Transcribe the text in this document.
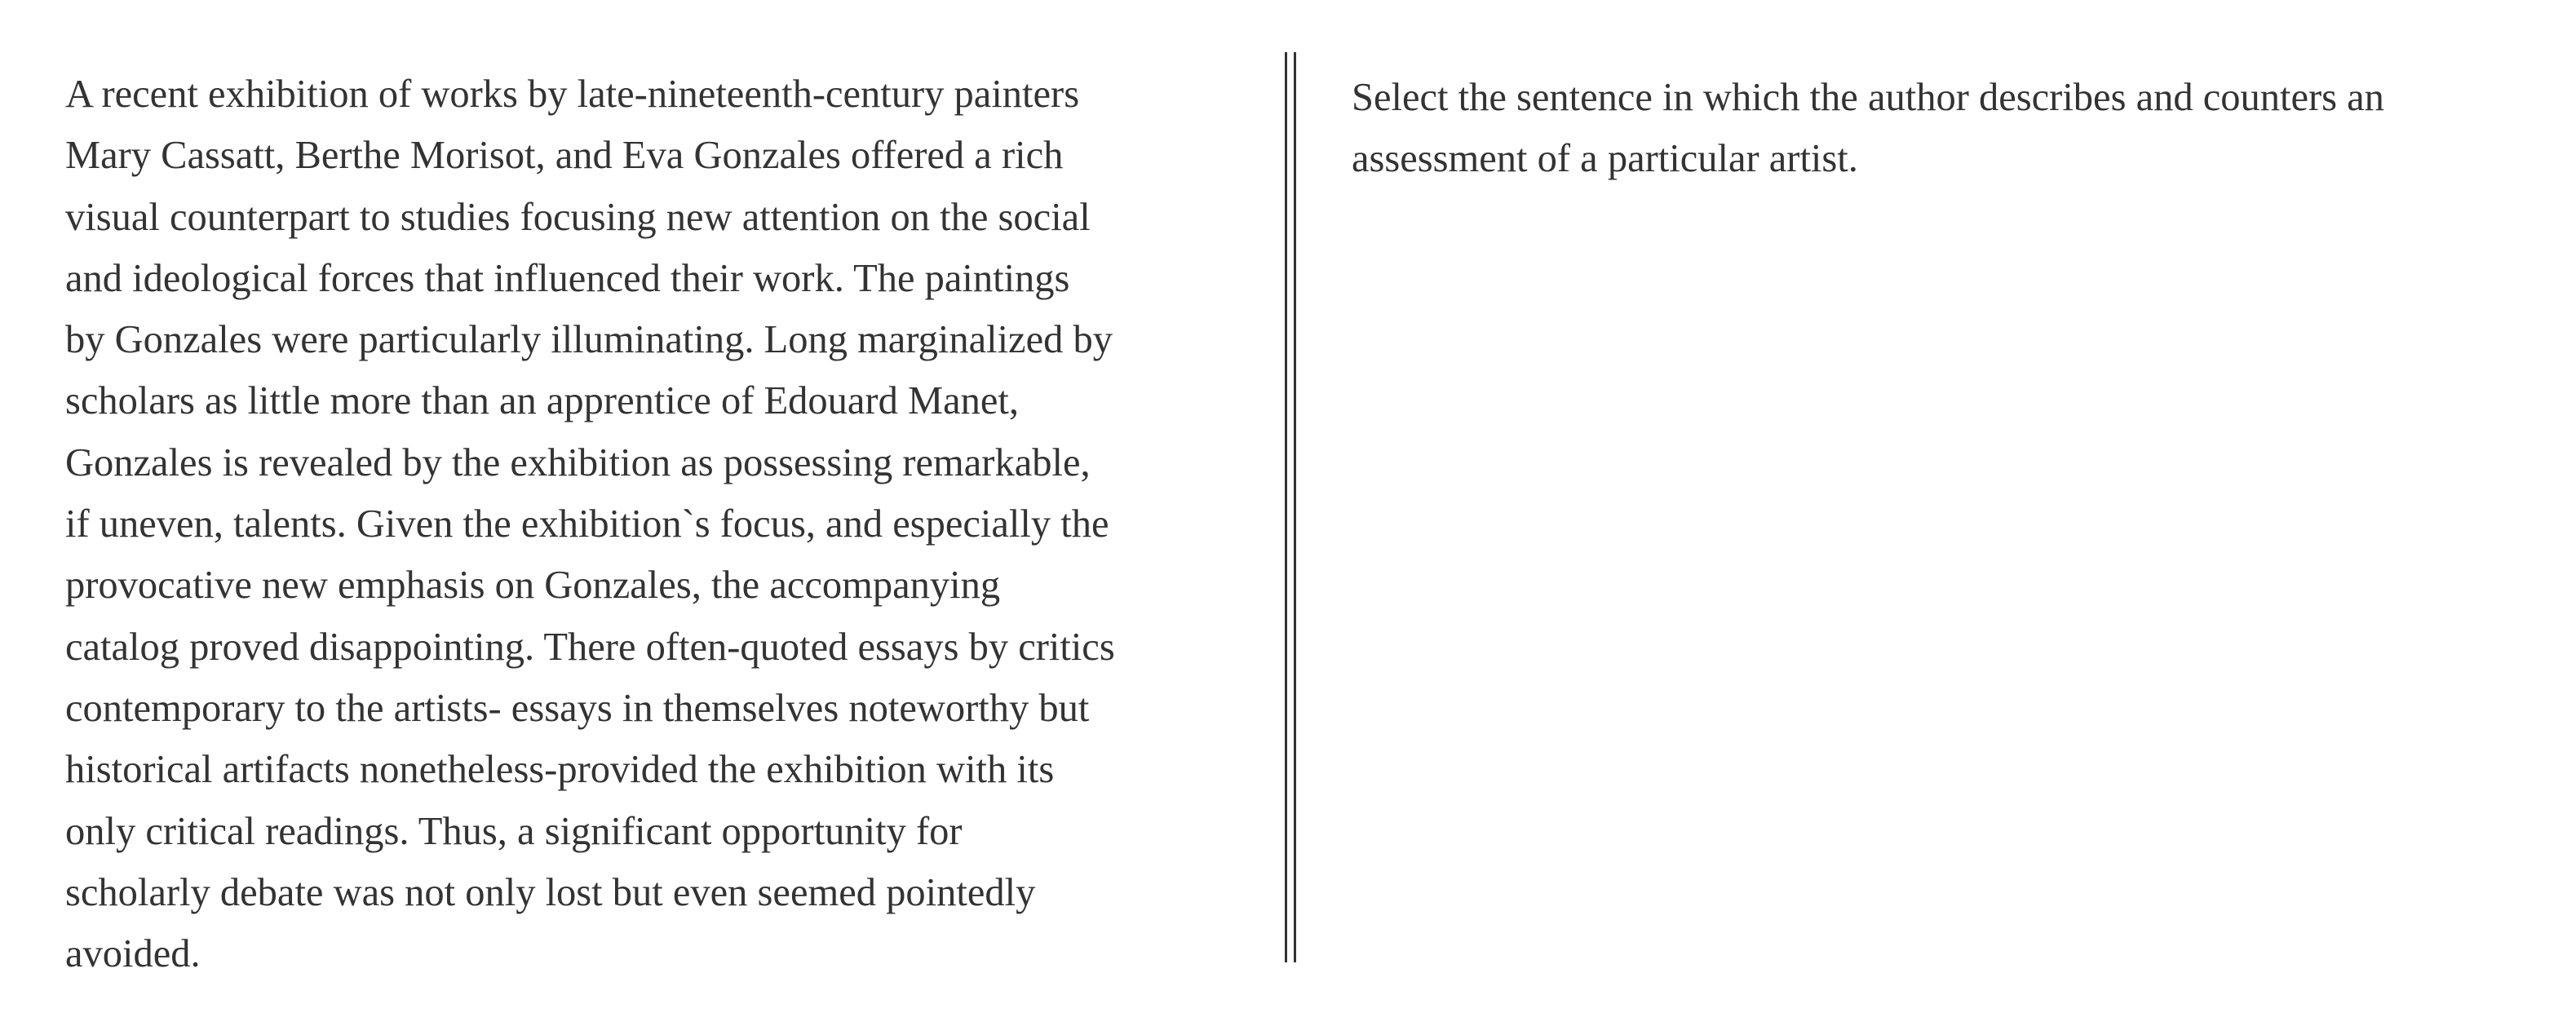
A recent exhibition of works by late-nineteenth-century painters
Mary Cassatt, Berthe Morisot, and Eva Gonzales offered a rich
visual counterpart to studies focusing new attention on the social
and ideological forces that influenced their work. The paintings
by Gonzales were particularly illuminating. Long marginalized by
scholars as little more than an apprentice of Edouard Manet,
Gonzales is revealed by the exhibition as possessing remarkable,
if uneven, talents. Given the exhibition`s focus, and especially the
provocative new emphasis on Gonzales, the accompanying
catalog proved disappointing. There often-quoted essays by critics
contemporary to the artists- essays in themselves noteworthy but
historical artifacts nonetheless-provided the exhibition with its
only critical readings. Thus, a significant opportunity for
scholarly debate was not only lost but even seemed pointedly
avoided.
Select the sentence in which the author describes and counters an
assessment of a particular artist.
